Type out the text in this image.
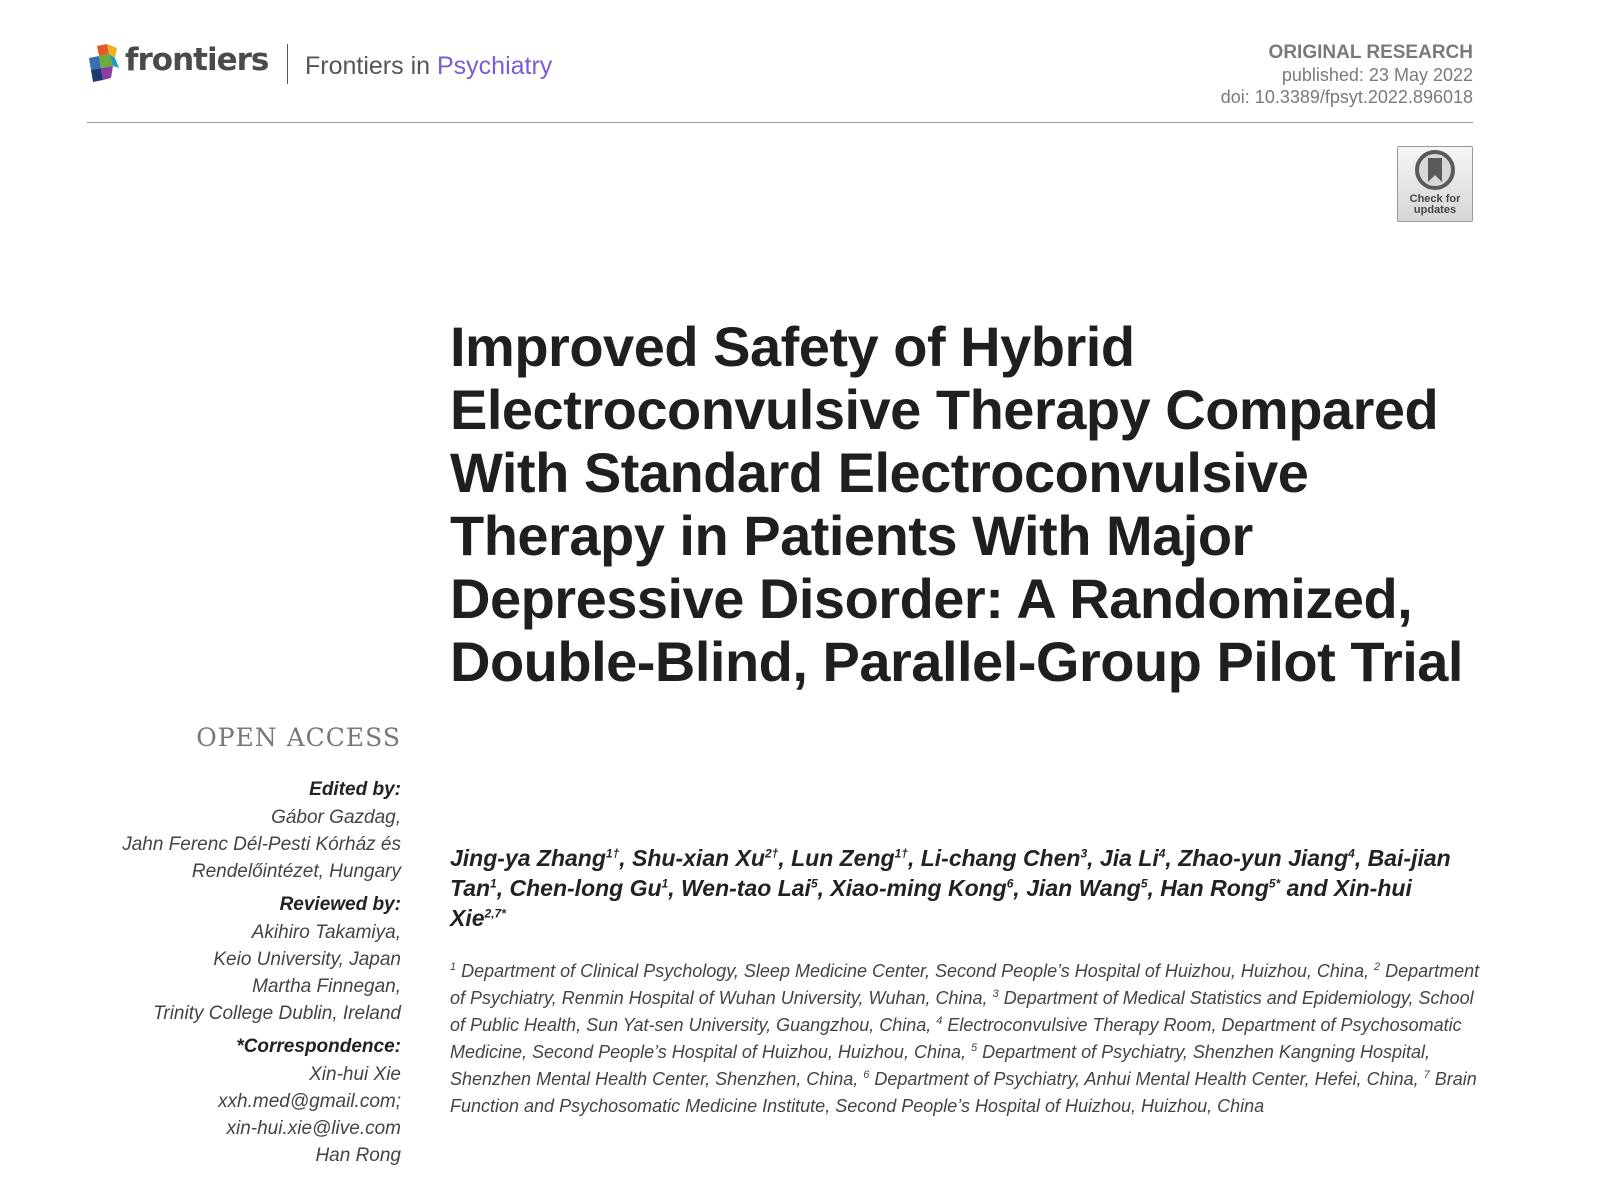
frontiers Frontiers in Psychiatry	ORIGINAL RESEARCH
published: 23 May 2022
doi: 10.3389/fpsyt.2022.896018
Check for
updates
Improved Safety of Hybrid Electroconvulsive Therapy Compared With Standard Electroconvulsive Therapy in Patients With Major Depressive Disorder: A Randomized, Double-Blind, Parallel-Group Pilot Trial
OPEN ACCESS
Edited by:
Gábor Gazdag,
Jahn Ferenc Dél-Pesti Kórház és
Rendelőintézet, Hungary
Reviewed by:
Akihiro Takamiya,
Keio University, Japan
Martha Finnegan,
Trinity College Dublin, Ireland
*Correspondence:
Xin-hui Xie
xxh.med@gmail.com;
xin-hui.xie@live.com
Han Rong
Jing-ya Zhang$^{1\dagger}$, Shu-xian $Xu^{2\dagger}$, Lun Zeng$^{1\dagger}$, Li-chang Chen$^3$, Jia Li$^4$, Zhao-yun Jiang$^4$, Bai-jian Tan$^1$, Chen-long Gu$^1$, Wen-tao Lai$^5$, Xiao-ming Kong$^6$, Jian Wang$^5$, Han Rong$^{5*}$ and Xin-hui Xie$^{2,7*}$
$^1$ Department of Clinical Psychology, Sleep Medicine Center, Second People’s Hospital of Huizhou, Huizhou, China, $^2$ Department of Psychiatry, Renmin Hospital of Wuhan University, Wuhan, China, $^3$ Department of Medical Statistics and Epidemiology, School of Public Health, Sun Yat-sen University, Guangzhou, China, $^4$ Electroconvulsive Therapy Room, Department of Psychosomatic Medicine, Second People’s Hospital of Huizhou, Huizhou, China, $^5$ Department of Psychiatry, Shenzhen Kangning Hospital, Shenzhen Mental Health Center, Shenzhen, China, $^6$ Department of Psychiatry, Anhui Mental Health Center, Hefei, China, $^7$ Brain Function and Psychosomatic Medicine Institute, Second People’s Hospital of Huizhou, Huizhou, China
